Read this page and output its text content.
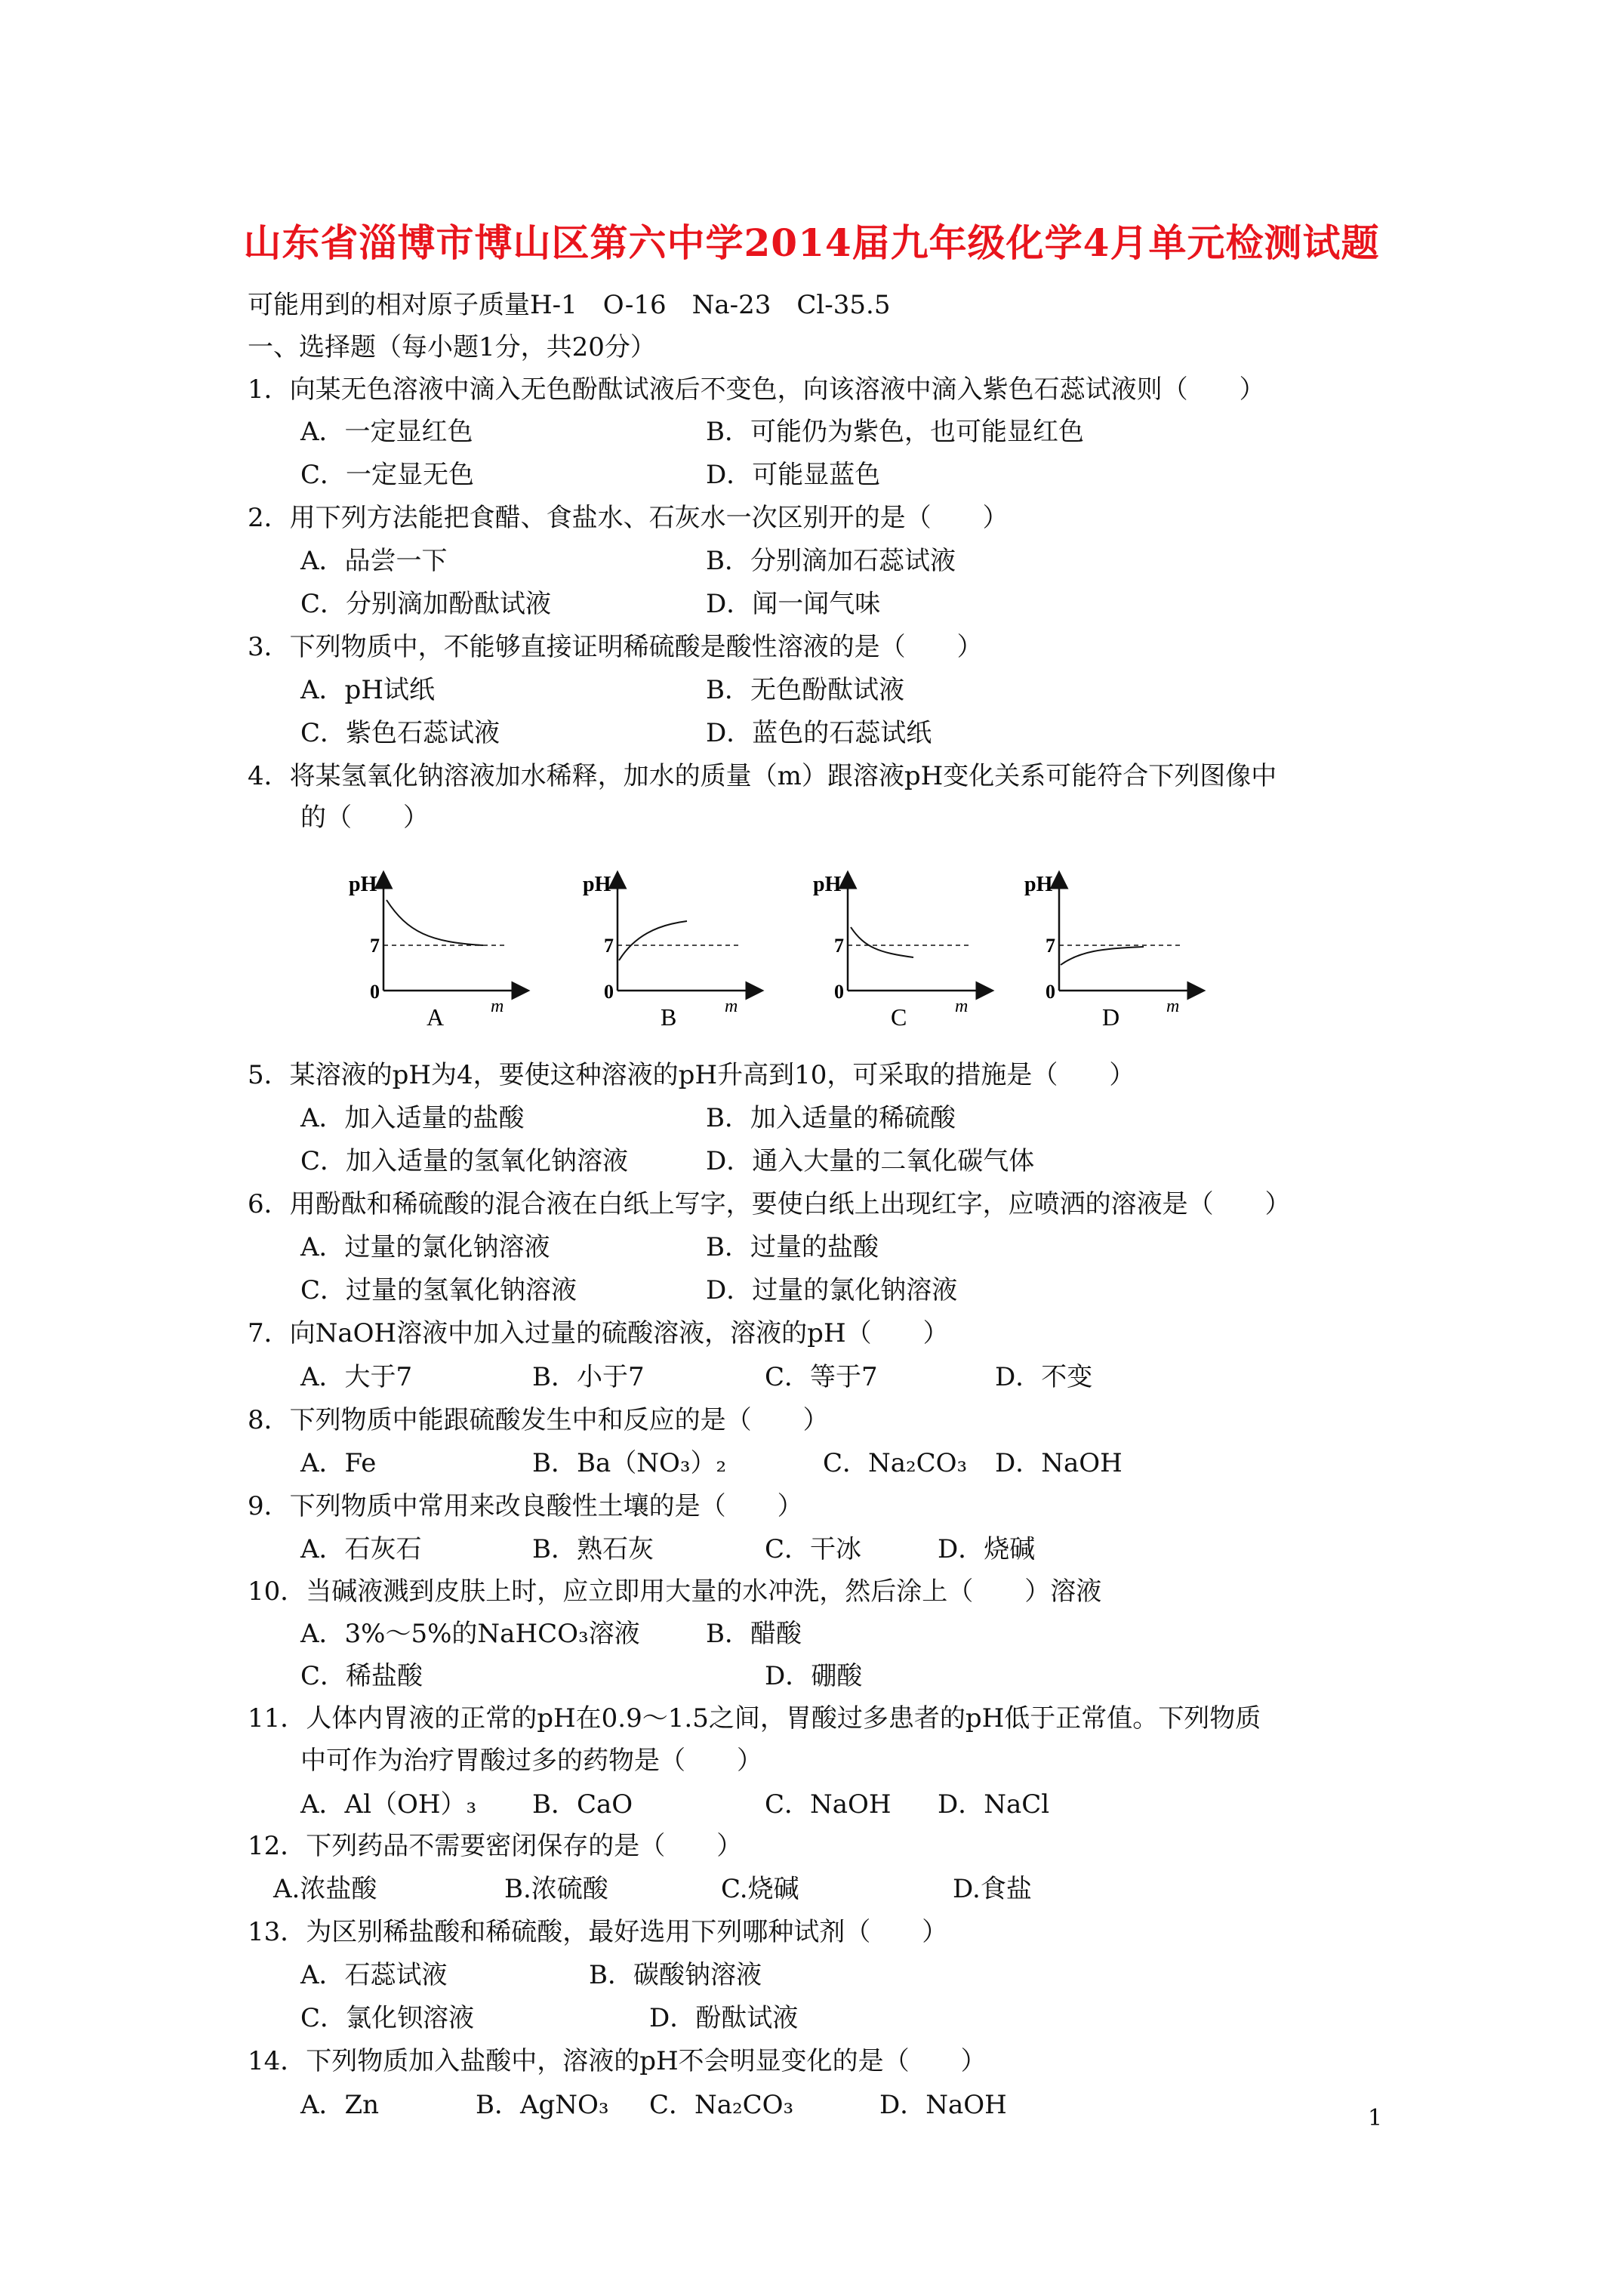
山东省淄博市博山区第六中学2014届九年级化学4月单元检测试题
可能用到的相对原子质量H-1　O-16　Na-23　Cl-35.5
一、选择题（每小题1分，共20分）
1．向某无色溶液中滴入无色酚酞试液后不变色，向该溶液中滴入紫色石蕊试液则（　　）
A．一定显红色	B．可能仍为紫色，也可能显红色
C．一定显无色	D．可能显蓝色
2．用下列方法能把食醋、食盐水、石灰水一次区别开的是（　　）
A．品尝一下	B．分别滴加石蕊试液
C．分别滴加酚酞试液	D．闻一闻气味
3．下列物质中，不能够直接证明稀硫酸是酸性溶液的是（　　）
A．pH试纸	B．无色酚酞试液
C．紫色石蕊试液	D．蓝色的石蕊试纸
4．将某氢氧化钠溶液加水稀释，加水的质量（m）跟溶液pH变化关系可能符合下列图像中
的（　　）
pH
7
0
m
A
pH
7
0
m
B
pH
7
0
m
C
pH
7
0
m
D
5．某溶液的pH为4，要使这种溶液的pH升高到10，可采取的措施是（　　）
A．加入适量的盐酸	B．加入适量的稀硫酸
C．加入适量的氢氧化钠溶液	D．通入大量的二氧化碳气体
6．用酚酞和稀硫酸的混合液在白纸上写字，要使白纸上出现红字，应喷洒的溶液是（　　）
A．过量的氯化钠溶液	B．过量的盐酸
C．过量的氢氧化钠溶液	D．过量的氯化钠溶液
7．向NaOH溶液中加入过量的硫酸溶液，溶液的pH（　　）
A．大于7	B．小于7	C．等于7	D．不变
8．下列物质中能跟硫酸发生中和反应的是（　　）
A．Fe	B．Ba（NO₃）₂	C．Na₂CO₃ D．NaOH
9．下列物质中常用来改良酸性土壤的是（　　）
A．石灰石	B．熟石灰	C．干冰	D．烧碱
10．当碱液溅到皮肤上时，应立即用大量的水冲洗，然后涂上（　　）溶液
A．3%～5%的NaHCO₃溶液	B．醋酸
C．稀盐酸	D．硼酸
11．人体内胃液的正常的pH在0.9～1.5之间，胃酸过多患者的pH低于正常值。下列物质
中可作为治疗胃酸过多的药物是（　　）
A．Al（OH）₃ B．CaO	C．NaOH D．NaCl
12．下列药品不需要密闭保存的是（　　）
A.浓盐酸	B.浓硫酸	C.烧碱	D.食盐
13．为区别稀盐酸和稀硫酸，最好选用下列哪种试剂（　　）
A．石蕊试液	B．碳酸钠溶液
C．氯化钡溶液	D．酚酞试液
14．下列物质加入盐酸中，溶液的pH不会明显变化的是（　　）
A．Zn	B．AgNO₃ C．Na₂CO₃	D．NaOH	1
